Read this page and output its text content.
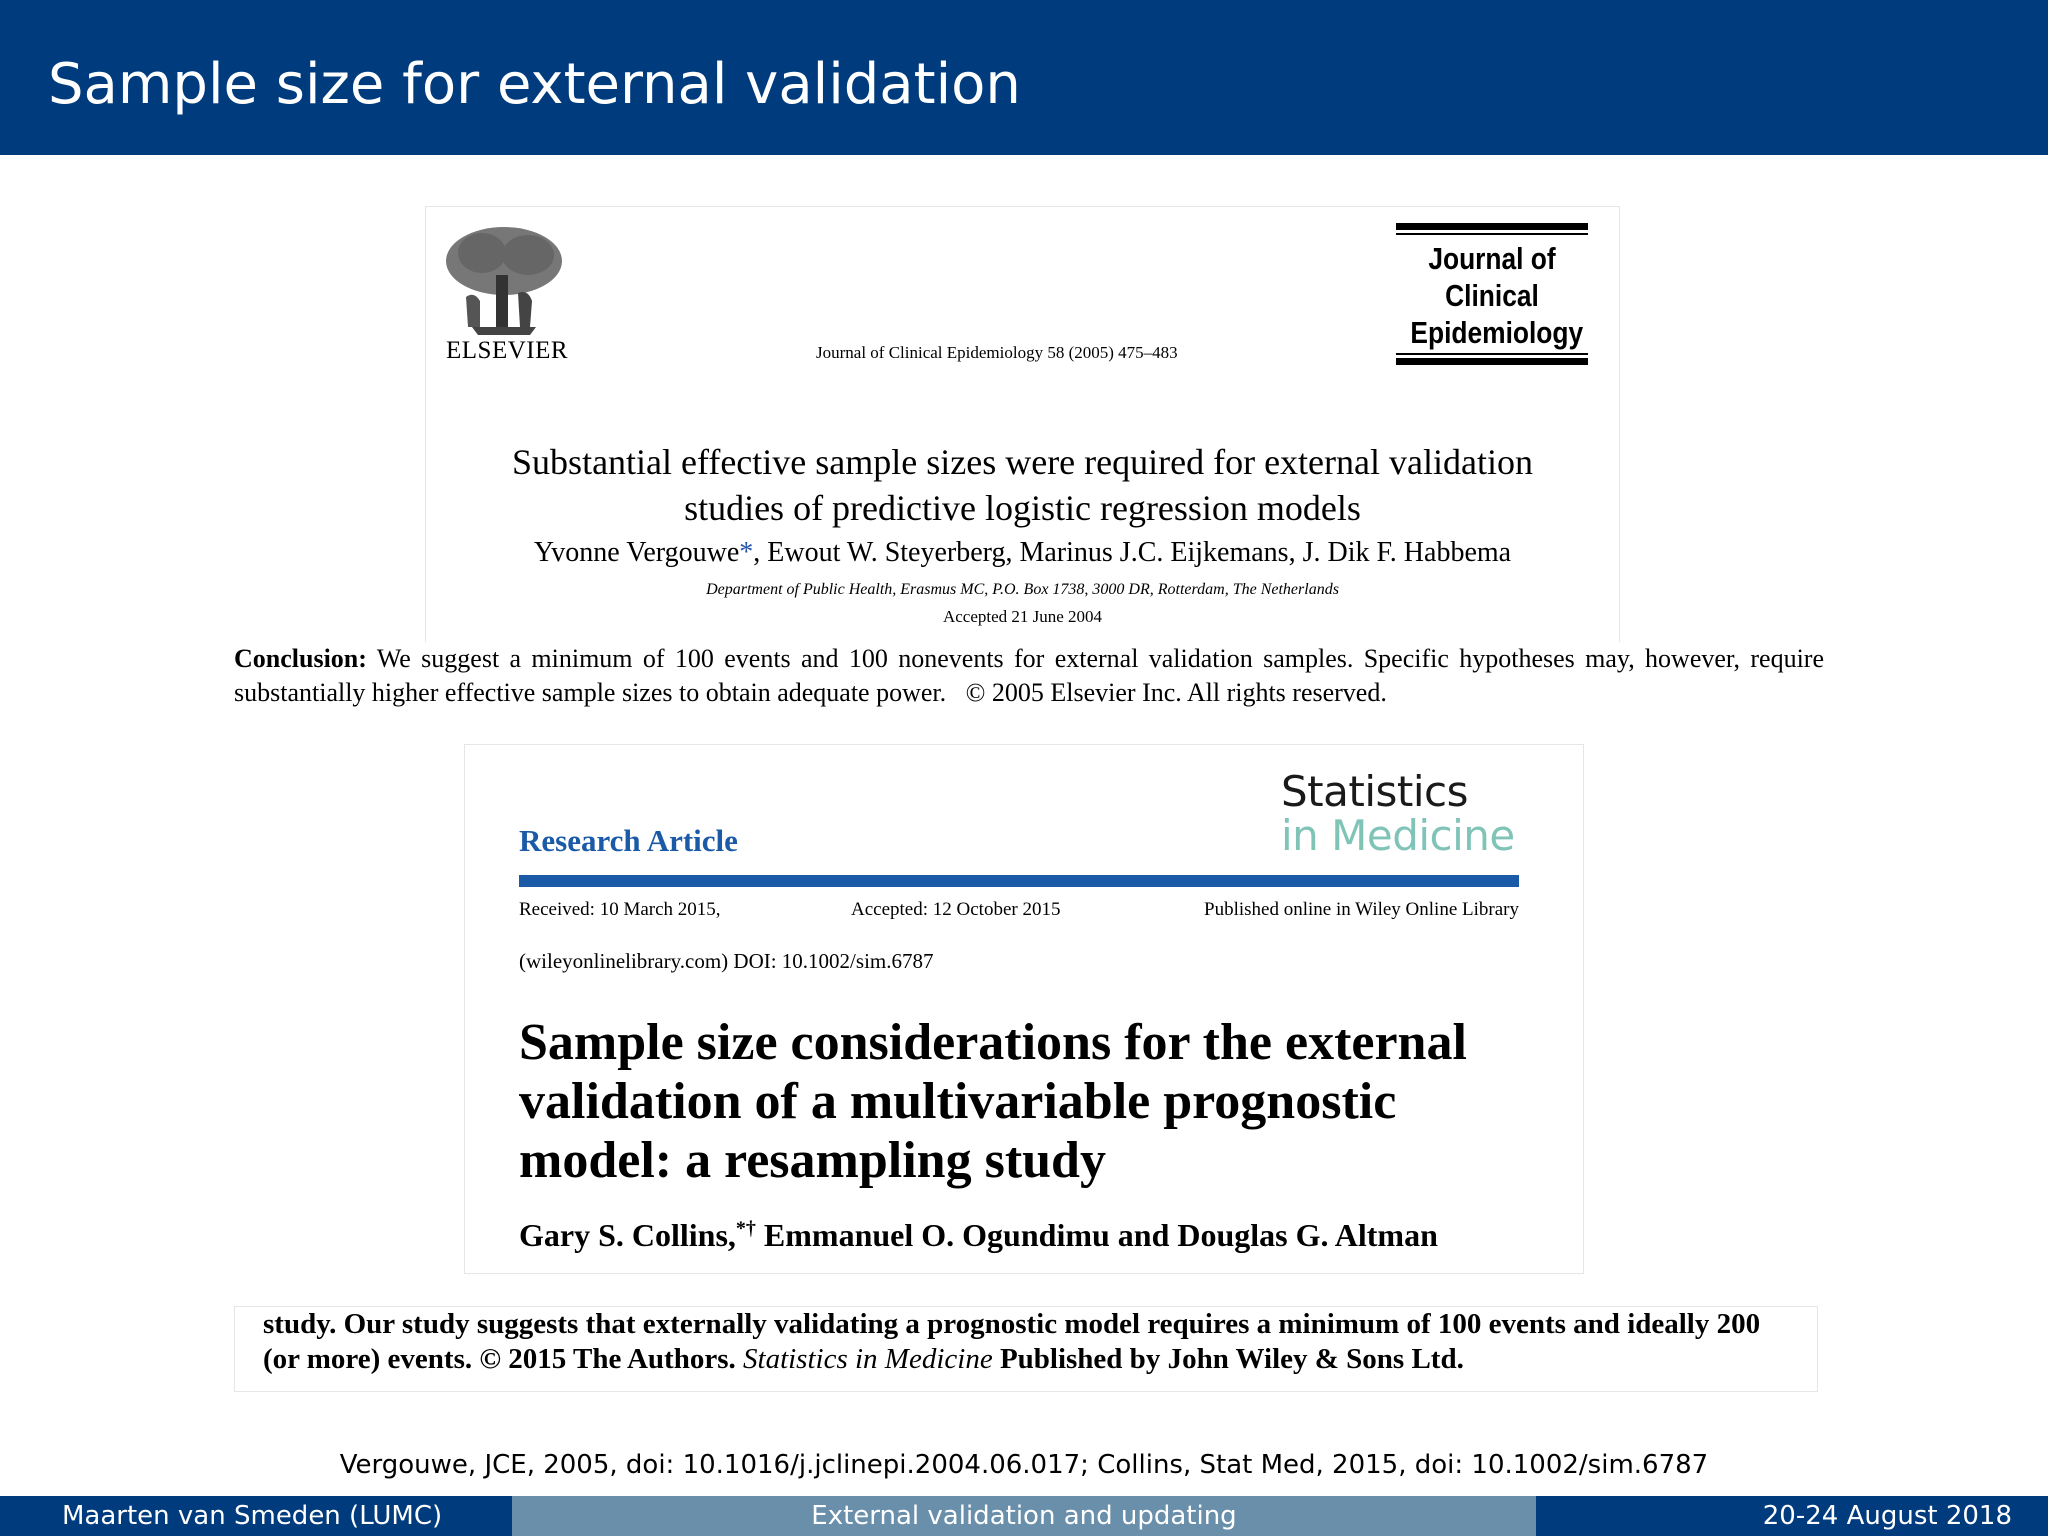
Sample size for external validation
ELSEVIER	Journal of Clinical Epidemiology 58 (2005) 475–483
Journal of
Clinical
Epidemiology
Substantial effective sample sizes were required for external validation
studies of predictive logistic regression models
Yvonne Vergouwe*, Ewout W. Steyerberg, Marinus J.C. Eijkemans, J. Dik F. Habbema
Department of Public Health, Erasmus MC, P.O. Box 1738, 3000 DR, Rotterdam, The Netherlands
Accepted 21 June 2004
Conclusion: We suggest a minimum of 100 events and 100 nonevents for external validation samples. Specific hypotheses may, however, require substantially higher effective sample sizes to obtain adequate power. © 2005 Elsevier Inc. All rights reserved.
Research Article
Statistics
in Medicine
Received: 10 March 2015,	Accepted: 12 October 2015	Published online in Wiley Online Library
(wileyonlinelibrary.com) DOI: 10.1002/sim.6787
Sample size considerations for the external validation of a multivariable prognostic model: a resampling study
Gary S. Collins,*† Emmanuel O. Ogundimu and Douglas G. Altman
study. Our study suggests that externally validating a prognostic model requires a minimum of 100 events and ideally 200 (or more) events. © 2015 The Authors. Statistics in Medicine Published by John Wiley & Sons Ltd.
Vergouwe, JCE, 2005, doi: 10.1016/j.jclinepi.2004.06.017; Collins, Stat Med, 2015, doi: 10.1002/sim.6787
Maarten van Smeden (LUMC)	External validation and updating	20-24 August 2018
